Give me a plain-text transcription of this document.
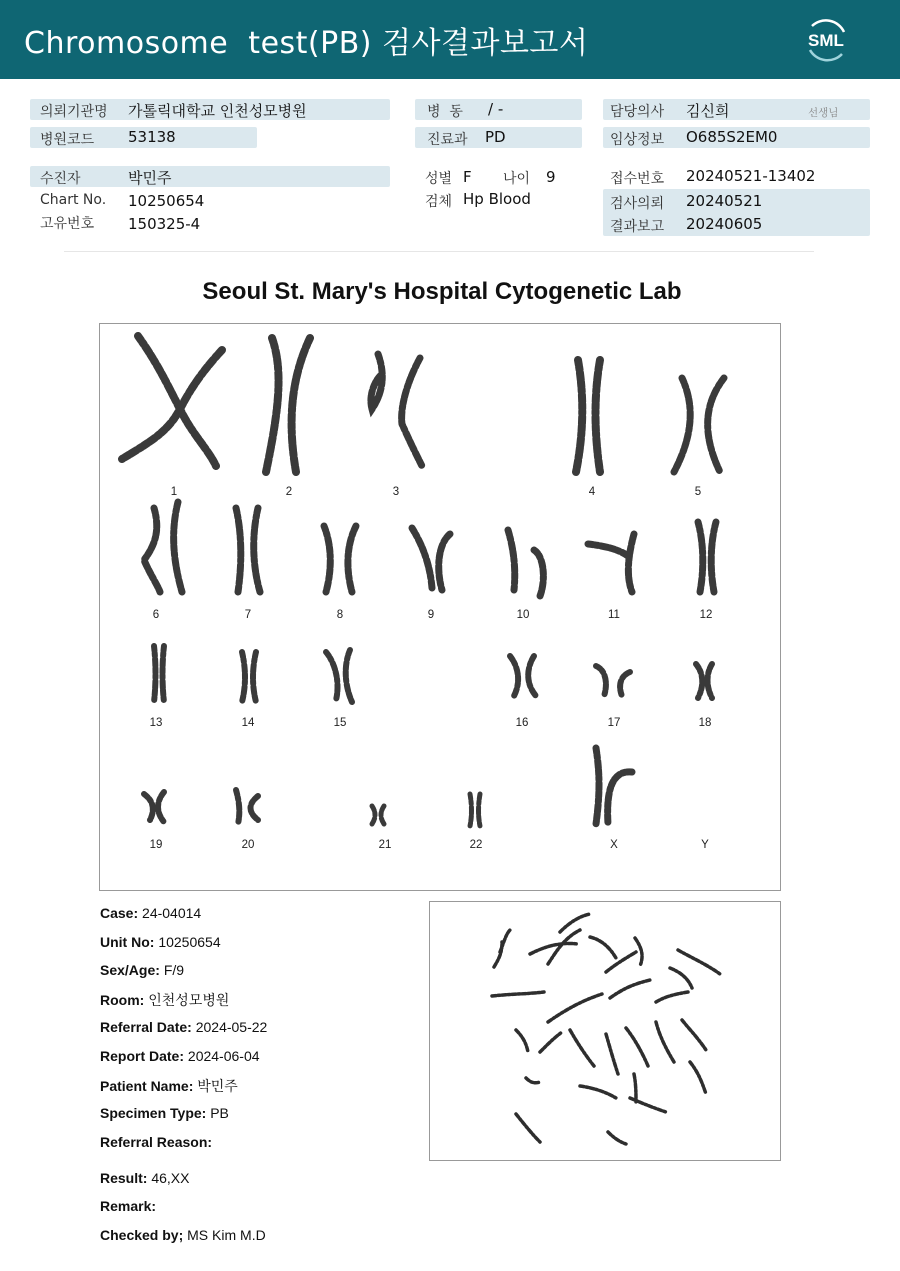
Chromosome  test(PB) 검사결과보고서	SML
의뢰기관명 가톨릭대학교 인천성모병원
병원코드 53138
병  동 / -
진료과 PD
담당의사 김신희	선생님
임상정보 O685S2EM0
수진자	박민주
Chart No. 10250654
고유번호 150325-4
성별 F 나이 9
검체 Hp Blood
접수번호 20240521-13402
검사의뢰 20240521
결과보고 20240605
Seoul St. Mary's Hospital Cytogenetic Lab
1	2	3	4	5
6	7	8	9	10	11	12
13	14	15	16	17	18
19	20	21	22	X	Y
Case: 24-04014
Unit No: 10250654
Sex/Age: F/9
Room: 인천성모병원
Referral Date: 2024-05-22
Report Date: 2024-06-04
Patient Name: 박민주
Specimen Type: PB
Referral Reason:
Result: 46,XX
Remark:
Checked by; MS Kim M.D
